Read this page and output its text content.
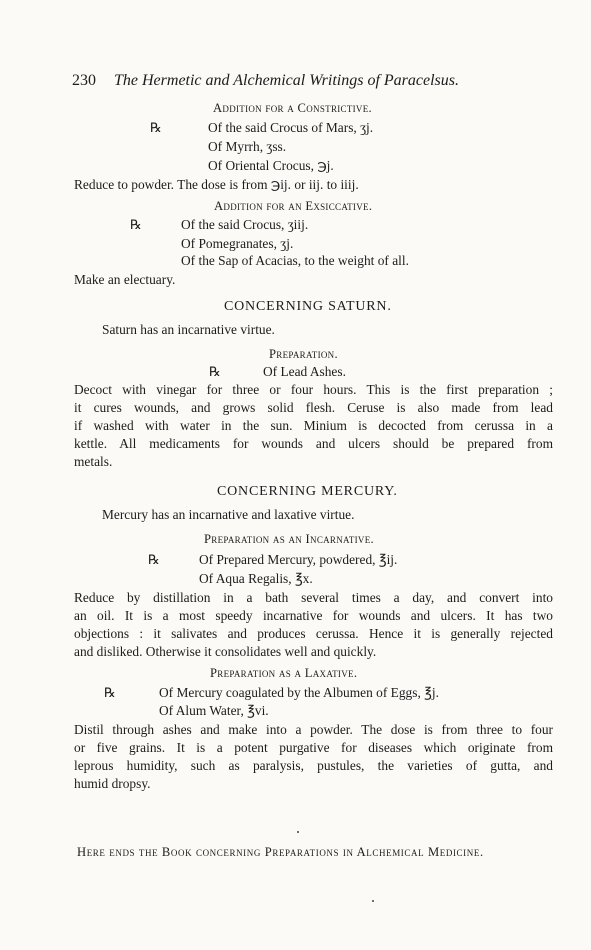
230 The Hermetic and Alchemical Writings of Paracelsus.
Addition for a Constrictive.
℞	Of the said Crocus of Mars, ʒj.
Of Myrrh, ʒss.
Of Oriental Crocus, ℈j.
Reduce to powder. The dose is from ℈ij. or iij. to iiij.
Addition for an Exsiccative.
℞	Of the said Crocus, ʒiij.
Of Pomegranates, ʒj.
Of the Sap of Acacias, to the weight of all.
Make an electuary.
CONCERNING SATURN.
Saturn has an incarnative virtue.
Preparation.
℞	Of Lead Ashes.
Decoct with vinegar for three or four hours. This is the first preparation ;
it cures wounds, and grows solid flesh. Ceruse is also made from lead
if washed with water in the sun. Minium is decocted from cerussa in a
kettle. All medicaments for wounds and ulcers should be prepared from
metals.
CONCERNING MERCURY.
Mercury has an incarnative and laxative virtue.
Preparation as an Incarnative.
℞	Of Prepared Mercury, powdered, ℥ij.
Of Aqua Regalis, ℥x.
Reduce by distillation in a bath several times a day, and convert into
an oil. It is a most speedy incarnative for wounds and ulcers. It has two
objections : it salivates and produces cerussa. Hence it is generally rejected
and disliked. Otherwise it consolidates well and quickly.
Preparation as a Laxative.
℞	Of Mercury coagulated by the Albumen of Eggs, ℥j.
Of Alum Water, ℥vi.
Distil through ashes and make into a powder. The dose is from three to four
or five grains. It is a potent purgative for diseases which originate from
leprous humidity, such as paralysis, pustules, the varieties of gutta, and
humid dropsy.
Here ends the Book concerning Preparations in Alchemical Medicine.
